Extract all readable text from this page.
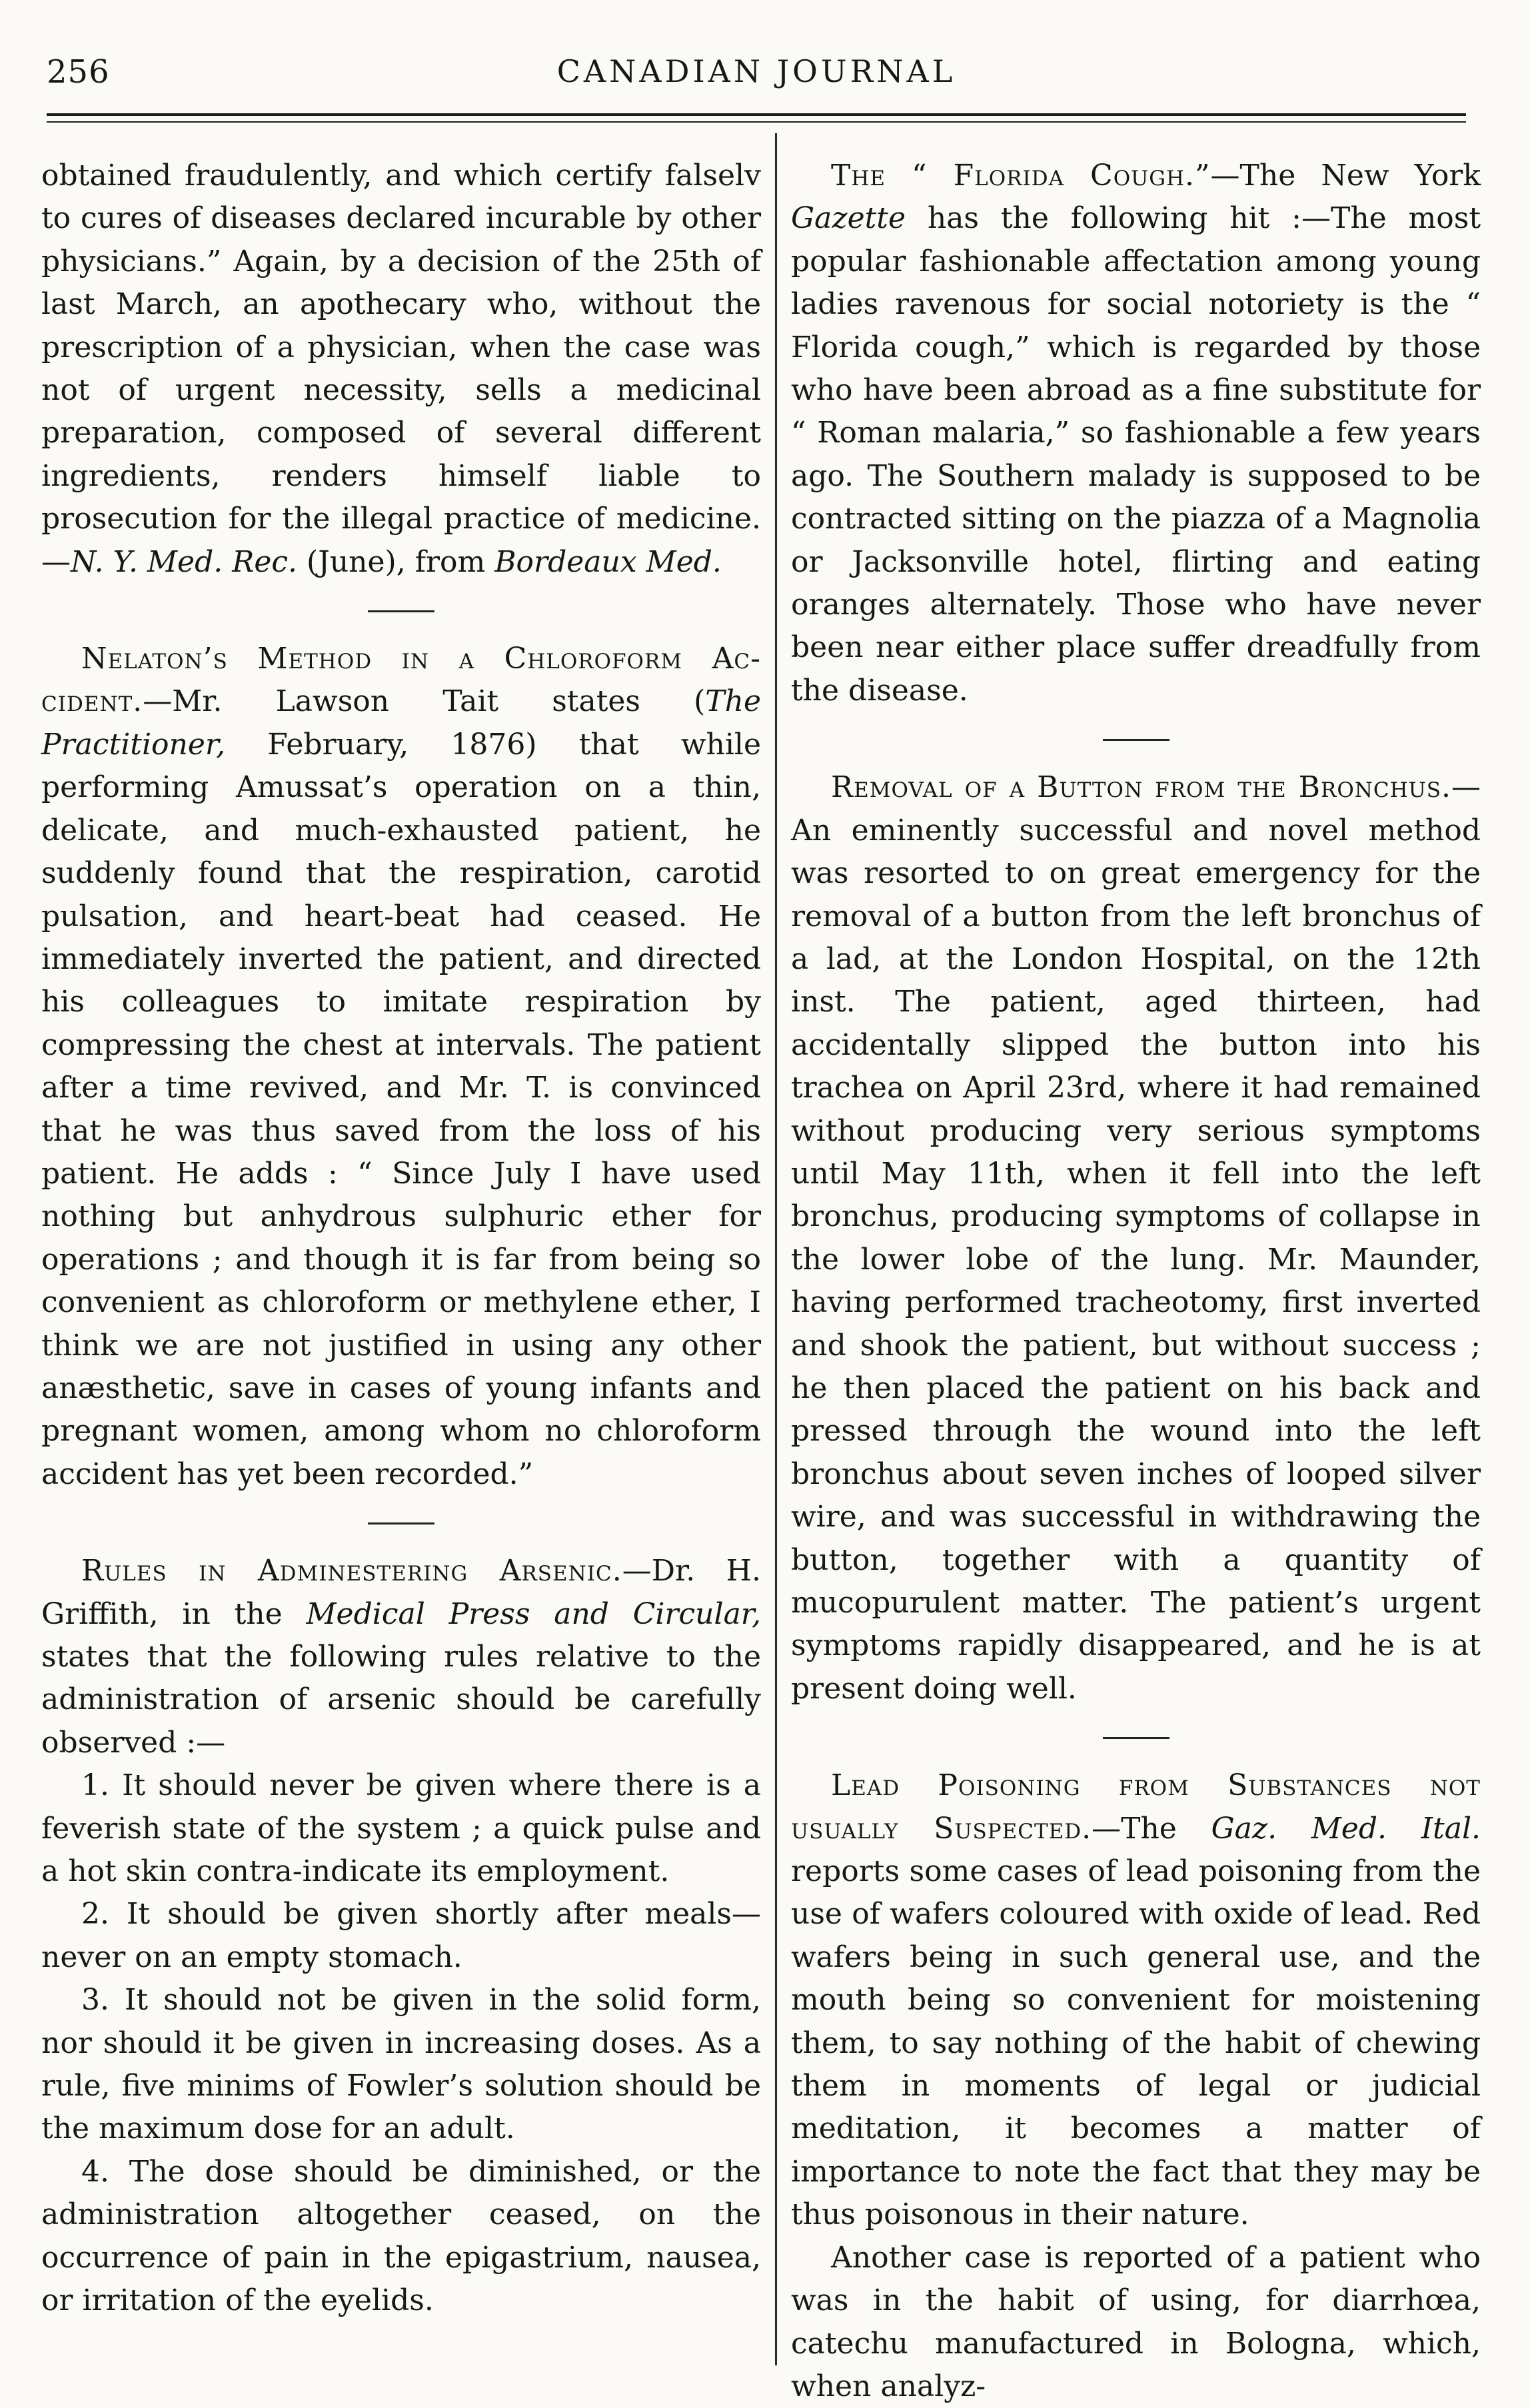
256	CANADIAN JOURNAL

obtained fraudulently, and which certify falselv to cures of diseases declared incurable by other physicians.” Again, by a decision of the 25th of last March, an apothecary who, without the prescription of a physician, when the case was not of urgent necessity, sells a medicinal preparation, composed of several different ingredients, renders himself liable to prosecution for the illegal practice of medicine.—N. Y. Med. Rec. (June), from Bordeaux Med.

Nelaton’s Method in a Chloroform Ac-cident.—Mr. Lawson Tait states (The Practitioner, February, 1876) that while performing Amussat’s operation on a thin, delicate, and much-exhausted patient, he suddenly found that the respiration, carotid pulsation, and heart-beat had ceased. He immediately inverted the patient, and directed his colleagues to imitate respiration by compressing the chest at intervals. The patient after a time revived, and Mr. T. is convinced that he was thus saved from the loss of his patient. He adds : “ Since July I have used nothing but anhydrous sulphuric ether for operations ; and though it is far from being so convenient as chloroform or methylene ether, I think we are not justified in using any other anæsthetic, save in cases of young infants and pregnant women, among whom no chloroform accident has yet been recorded.”

Rules in Adminestering Arsenic.—Dr. H. Griffith, in the Medical Press and Circular, states that the following rules relative to the administration of arsenic should be carefully observed :—

1. It should never be given where there is a feverish state of the system ; a quick pulse and a hot skin contra-indicate its employment.

2. It should be given shortly after meals—never on an empty stomach.

3. It should not be given in the solid form, nor should it be given in increasing doses. As a rule, five minims of Fowler’s solution should be the maximum dose for an adult.

4. The dose should be diminished, or the administration altogether ceased, on the occurrence of pain in the epigastrium, nausea, or irritation of the eyelids.

The “ Florida Cough.”—The New York Gazette has the following hit :—The most popular fashionable affectation among young ladies ravenous for social notoriety is the “ Florida cough,” which is regarded by those who have been abroad as a fine substitute for “ Roman malaria,” so fashionable a few years ago. The Southern malady is supposed to be contracted sitting on the piazza of a Magnolia or Jacksonville hotel, flirting and eating oranges alternately. Those who have never been near either place suffer dreadfully from the disease.

Removal of a Button from the Bronchus.—An eminently successful and novel method was resorted to on great emergency for the removal of a button from the left bronchus of a lad, at the London Hospital, on the 12th inst. The patient, aged thirteen, had accidentally slipped the button into his trachea on April 23rd, where it had remained without producing very serious symptoms until May 11th, when it fell into the left bronchus, producing symptoms of collapse in the lower lobe of the lung. Mr. Maunder, having performed tracheotomy, first inverted and shook the patient, but without success ; he then placed the patient on his back and pressed through the wound into the left bronchus about seven inches of looped silver wire, and was successful in withdrawing the button, together with a quantity of mucopurulent matter. The patient’s urgent symptoms rapidly disappeared, and he is at present doing well.

Lead Poisoning from Substances not usually Suspected.—The Gaz. Med. Ital. reports some cases of lead poisoning from the use of wafers coloured with oxide of lead. Red wafers being in such general use, and the mouth being so convenient for moistening them, to say nothing of the habit of chewing them in moments of legal or judicial meditation, it becomes a matter of importance to note the fact that they may be thus poisonous in their nature.

Another case is reported of a patient who was in the habit of using, for diarrhœa, catechu manufactured in Bologna, which, when analyz-
